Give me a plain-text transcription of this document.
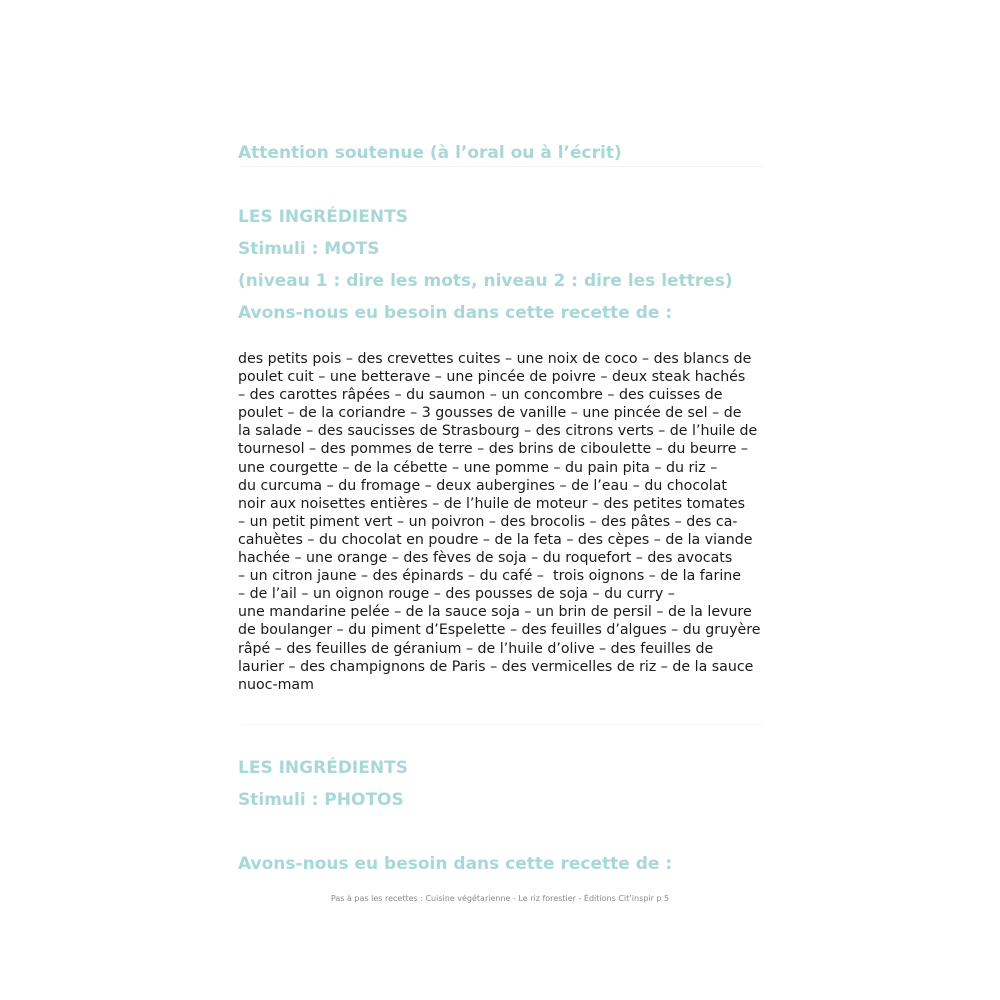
Attention soutenue (à l’oral ou à l’écrit)
LES INGRÉDIENTS
Stimuli : MOTS
(niveau 1 : dire les mots, niveau 2 : dire les lettres)
Avons-nous eu besoin dans cette recette de :
des petits pois – des crevettes cuites – une noix de coco – des blancs de
poulet cuit – une betterave – une pincée de poivre – deux steak hachés
– des carottes râpées – du saumon – un concombre – des cuisses de
poulet – de la coriandre – 3 gousses de vanille – une pincée de sel – de
la salade – des saucisses de Strasbourg – des citrons verts – de l’huile de
tournesol – des pommes de terre – des brins de ciboulette – du beurre –
une courgette – de la cébette – une pomme – du pain pita – du riz –
du curcuma – du fromage – deux aubergines – de l’eau – du chocolat
noir aux noisettes entières – de l’huile de moteur – des petites tomates
– un petit piment vert – un poivron – des brocolis – des pâtes – des ca-
cahuètes – du chocolat en poudre – de la feta – des cèpes – de la viande
hachée – une orange – des fèves de soja – du roquefort – des avocats
– un citron jaune – des épinards – du café –  trois oignons – de la farine
– de l’ail – un oignon rouge – des pousses de soja – du curry –
une mandarine pelée – de la sauce soja – un brin de persil – de la levure
de boulanger – du piment d’Espelette – des feuilles d’algues – du gruyère
râpé – des feuilles de géranium – de l’huile d’olive – des feuilles de
laurier – des champignons de Paris – des vermicelles de riz – de la sauce
nuoc-mam
LES INGRÉDIENTS
Stimuli : PHOTOS
Avons-nous eu besoin dans cette recette de :

Pas à pas les recettes : Cuisine végétarienne - Le riz forestier - Éditions Cit’inspir p 5
